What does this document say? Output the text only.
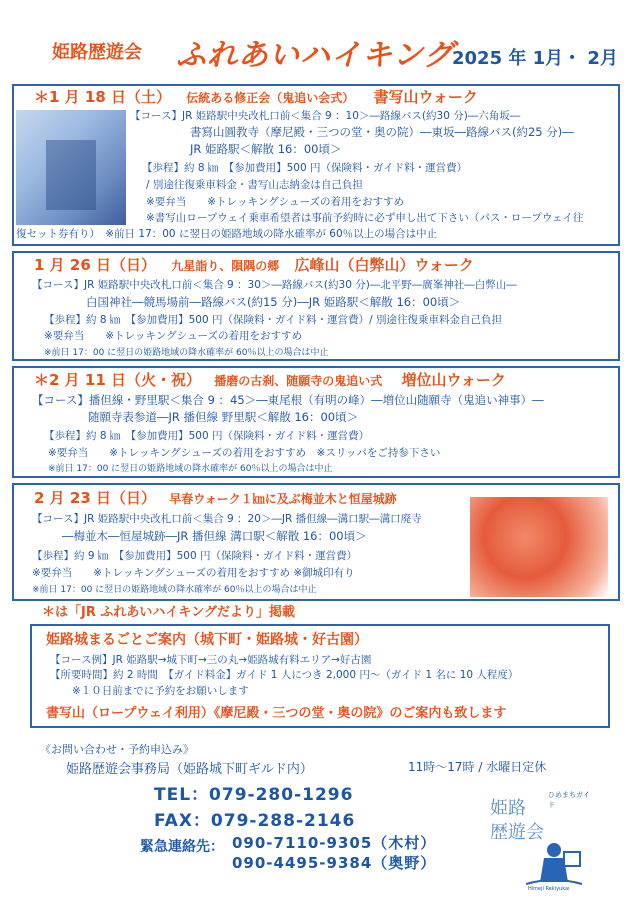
姫路歴遊会 ふれあいハイキング
2025 年 1月・ 2月
＊1 月 18 日（土） 伝統ある修正会（鬼追い会式） 書写山ウォーク
【コース】JR 姫路駅中央改札口前＜集合 9 ：10＞―路線バス(約30 分)―六角坂―
書寫山圓教寺（摩尼殿・三つの堂・奥の院）―東坂―路線バス(約25 分)―
JR 姫路駅＜解散 16：00頃＞
【歩程】約 8 ㎞　【参加費用】500 円（保険料・ガイド料・運営費）
/ 別途往復乗車料金・書写山志納金は自己負担
※要弁当　　※トレッキングシューズの着用をおすすめ
※書写山ロープウェイ乗車希望者は事前予約時に必ず申し出て下さい（パス・ロープウェイ往
復セット券有り）　※前日 17：00 に翌日の姫路地域の降水確率が 60％以上の場合は中止
1 月 26 日（日） 九星詣り、隕隅の郷 広峰山（白弊山）ウォーク
【コース】JR 姫路駅中央改札口前＜集合 9 ：30＞―路線バス(約30 分)―北平野―廣峯神社―白弊山―
白国神社―競馬場前―路線バス(約15 分)―JR 姫路駅＜解散 16：00頃＞
【歩程】約 8 ㎞　【参加費用】500 円（保険料・ガイド料・運営費）/ 別途往復乗車料金自己負担
※要弁当　　※トレッキングシューズの着用をおすすめ
※前日 17：00 に翌日の姫路地域の降水確率が 60％以上の場合は中止
＊2 月 11 日（火・祝） 播磨の古刹、随願寺の鬼追い式 増位山ウォーク
【コース】播但線・野里駅＜集合 9 ：45＞―東尾根（有明の峰）―増位山随願寺（鬼追い神事）―
随願寺表参道―JR 播但線 野里駅＜解散 16：00頃＞
【歩程】約 8 ㎞　【参加費用】500 円（保険料・ガイド料・運営費）
※要弁当　　※トレッキングシューズの着用をおすすめ　※スリッパをご持参下さい
※前日 17：00 に翌日の姫路地域の降水確率が 60％以上の場合は中止
2 月 23 日（日） 早春ウォーク１㎞に及ぶ梅並木と恒屋城跡
【コース】JR 姫路駅中央改札口前＜集合 9 ：20＞―JR 播但線―溝口駅―溝口廃寺
―梅並木―恒屋城跡―JR 播但線 溝口駅＜解散 16：00頃＞
【歩程】約 9 ㎞　【参加費用】500 円（保険料・ガイド料・運営費）
※要弁当　　※トレッキングシューズの着用をおすすめ ※御城印有り
※前日 17：00 に翌日の姫路地域の降水確率が 60％以上の場合は中止
＊は「JR ふれあいハイキングだより」掲載
姫路城まるごとご案内（城下町・姫路城・好古園）
【コース例】JR 姫路駅→城下町→三の丸→姫路城有料エリア→好古園
【所要時間】約 2 時間　【ガイド料金】ガイド 1 人につき 2,000 円～（ガイド 1 名に 10 人程度）
※１０日前までに予約をお願いします
書写山（ロープウェイ利用）《摩尼殿・三つの堂・奥の院》のご案内も致します
《お問い合わせ・予約申込み》
姫路歴遊会事務局（姫路城下町ギルド内）	11時～17時 / 水曜日定休
TEL：079-280-1296
FAX：079-288-2146
緊急連絡先： 090-7110-9305（木村）
090-4495-9384（奥野）
ひめまちガイド
姫路
歴遊会
Himeji Rekiyukai
